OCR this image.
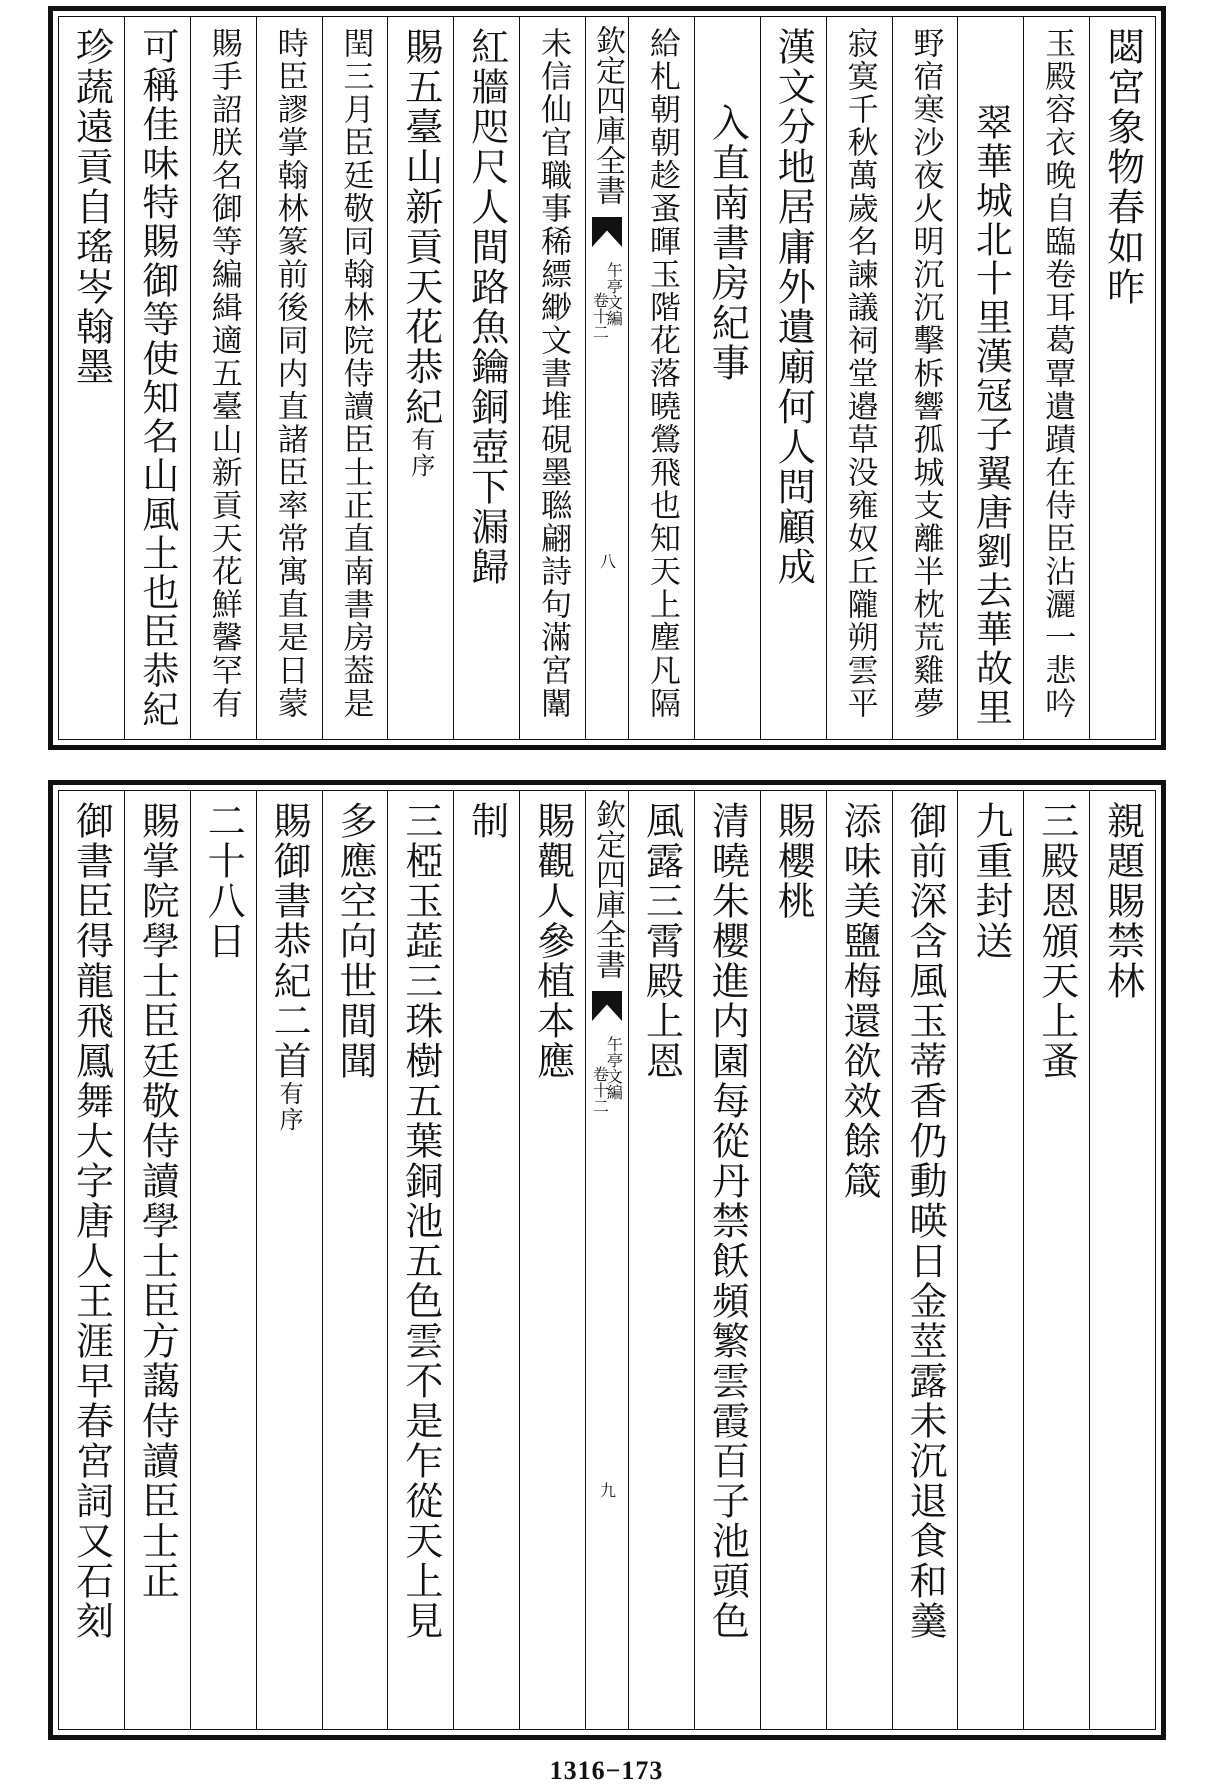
閟宮象物春如昨
玉殿容衣晚自臨卷耳葛覃遺蹟在侍臣沾灑一悲吟
翠華城北十里漢冦子翼唐劉去華故里
野宿寒沙夜火明沉沉擊柝響孤城支離半枕荒雞夢
寂寞千秋萬歲名諫議祠堂邉草没雍奴丘隴朔雲平
漢文分地居庸外遺廟何人問顧成
入直南書房紀事
給札朝朝趁蚤暉玉階花落曉鶯飛也知天上塵凡隔
欽定四庫全書
午亭文編
卷十二
八
未信仙官職事稀縹緲文書堆硯墨聮翩詩句滿宮闈
紅牆咫尺人間路魚鑰銅壺下漏歸
賜五臺山新貢天花恭紀有序
閏三月臣廷敬同翰林院侍讀臣士正直南書房葢是
時臣謬掌翰林篆前後同内直諸臣率常寓直是日蒙
賜手詔朕名御等編緝適五臺山新貢天花鮮馨罕有
可稱佳味特賜御等使知名山風土也臣恭紀
珍蔬遠貢自瑤岑翰墨
親題賜禁林
三殿恩頒天上蚤
九重封送
御前深含風玉蒂香仍動暎日金莖露未沉退食和羹
添味美鹽梅還欲效餘箴
賜櫻桃
清曉朱櫻進内園每從丹禁飫頻繁雲霞百子池頭色
風露三霄殿上恩
欽定四庫全書
午亭文編
卷十二
九
賜觀人參植本應
制
三椏玉蕋三珠樹五葉銅池五色雲不是乍從天上見
多應空向世間聞
賜御書恭紀二首有序
二十八日
賜掌院學士臣廷敬侍讀學士臣方藹侍讀臣士正
御書臣得龍飛鳳舞大字唐人王涯早春宮詞又石刻
1316−173
